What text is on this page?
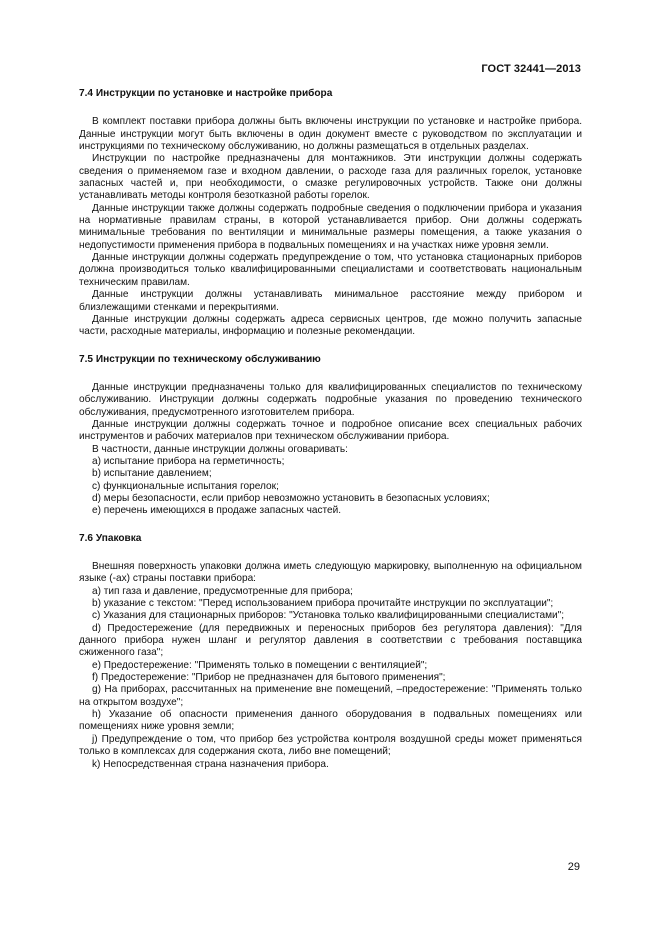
ГОСТ 32441—2013
7.4 Инструкции по установке и настройке прибора

В комплект поставки прибора должны быть включены инструкции по установке и настройке прибора. Данные инструкции могут быть включены в один документ вместе с руководством по эксплуатации и инструкциями по техническому обслуживанию, но должны размещаться в отдельных разделах.

Инструкции по настройке предназначены для монтажников. Эти инструкции должны содержать сведения о применяемом газе и входном давлении, о расходе газа для различных горелок, установке запасных частей и, при необходимости, о смазке регулировочных устройств. Также они должны устанавливать методы контроля безотказной работы горелок.

Данные инструкции также должны содержать подробные сведения о подключении прибора и указания на нормативные правилам страны, в которой устанавливается прибор. Они должны содержать минимальные требования по вентиляции и минимальные размеры помещения, а также указания о недопустимости применения прибора в подвальных помещениях и на участках ниже уровня земли.

Данные инструкции должны содержать предупреждение о том, что установка стационарных приборов должна производиться только квалифицированными специалистами и соответствовать национальным техническим правилам.

Данные инструкции должны устанавливать минимальное расстояние между прибором и близлежащими стенками и перекрытиями.

Данные инструкции должны содержать адреса сервисных центров, где можно получить запасные части, расходные материалы, информацию и полезные рекомендации.

7.5 Инструкции по техническому обслуживанию

Данные инструкции предназначены только для квалифицированных специалистов по техническому обслуживанию. Инструкции должны содержать подробные указания по проведению технического обслуживания, предусмотренного изготовителем прибора.

Данные инструкции должны содержать точное и подробное описание всех специальных рабочих инструментов и рабочих материалов при техническом обслуживании прибора.

В частности, данные инструкции должны оговаривать:

a) испытание прибора на герметичность;

b) испытание давлением;

c) функциональные испытания горелок;

d) меры безопасности, если прибор невозможно установить в безопасных условиях;

e) перечень имеющихся в продаже запасных частей.

7.6 Упаковка

Внешняя поверхность упаковки должна иметь следующую маркировку, выполненную на официальном языке (-ах) страны поставки прибора:

a) тип газа и давление, предусмотренные для прибора;

b) указание с текстом: "Перед использованием прибора прочитайте инструкции по эксплуатации";

c) Указания для стационарных приборов: "Установка только квалифицированными специалистами";

d) Предостережение (для передвижных и переносных приборов без регулятора давления): "Для данного прибора нужен шланг и регулятор давления в соответствии с требования поставщика сжиженного газа";

e) Предостережение: "Применять только в помещении с вентиляцией";

f) Предостережение: "Прибор не предназначен для бытового применения";

g) На приборах, рассчитанных на применение вне помещений, –предостережение: "Применять только на открытом воздухе";

h) Указание об опасности применения данного оборудования в подвальных помещениях или помещениях ниже уровня земли;

j) Предупреждение о том, что прибор без устройства контроля воздушной среды может применяться только в комплексах для содержания скота, либо вне помещений;

k) Непосредственная страна назначения прибора.

29
